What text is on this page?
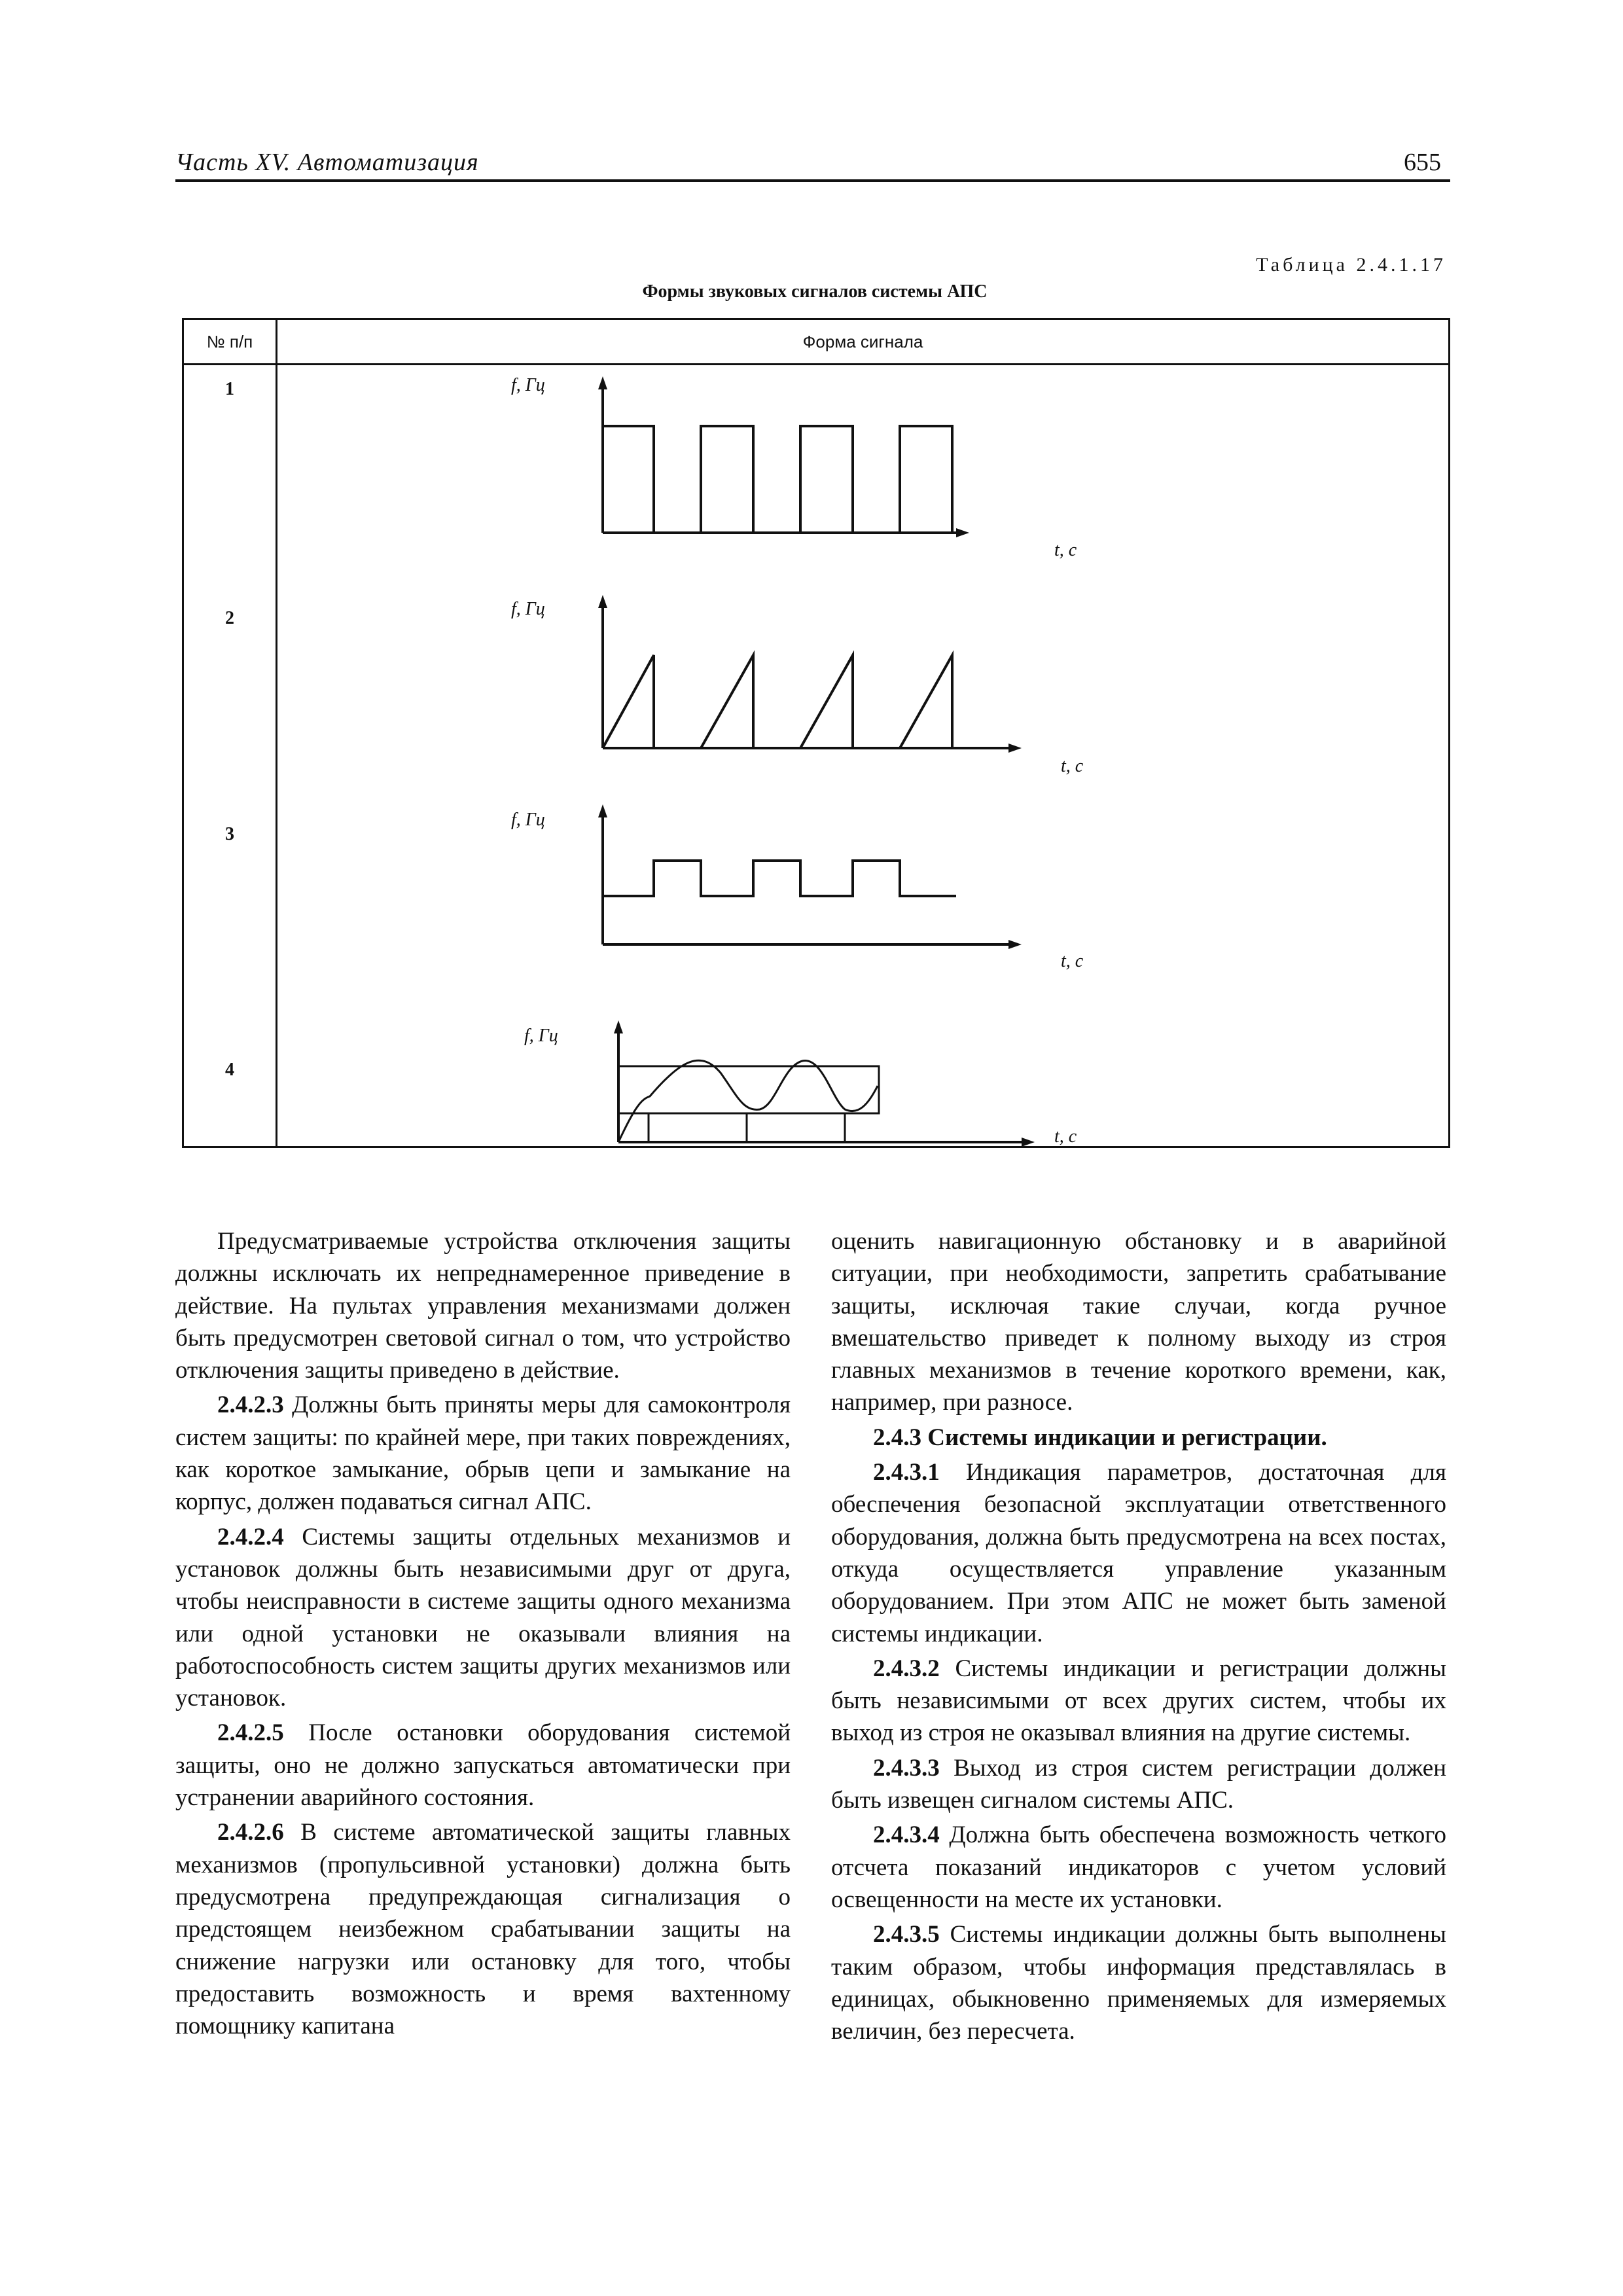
Часть XV. Автоматизация	655
Таблица 2.4.1.17
Формы звуковых сигналов системы АПС
№ п/п	Форма сигнала
1
2
3
4
f, Гц
t, c
f, Гц
t, c
f, Гц
t, c
f, Гц
t, c

Предусматриваемые устройства отключения защиты должны исключать их непреднамеренное приведение в действие. На пультах управления механизмами должен быть предусмотрен световой сигнал о том, что устройство отключения защиты приведено в действие.

2.4.2.3 Должны быть приняты меры для самоконтроля систем защиты: по крайней мере, при таких повреждениях, как короткое замыкание, обрыв цепи и замыкание на корпус, должен подаваться сигнал АПС.

2.4.2.4 Системы защиты отдельных механизмов и установок должны быть независимыми друг от друга, чтобы неисправности в системе защиты одного механизма или одной установки не оказывали влияния на работоспособность систем защиты других механизмов или установок.

2.4.2.5 После остановки оборудования системой защиты, оно не должно запускаться автоматически при устранении аварийного состояния.

2.4.2.6 В системе автоматической защиты главных механизмов (пропульсивной установки) должна быть предусмотрена предупреждающая сигнализация о предстоящем неизбежном срабатывании защиты на снижение нагрузки или остановку для того, чтобы предоставить возможность и время вахтенному помощнику капитана

оценить навигационную обстановку и в аварийной ситуации, при необходимости, запретить срабатывание защиты, исключая такие случаи, когда ручное вмешательство приведет к полному выходу из строя главных механизмов в течение короткого времени, как, например, при разносе.

2.4.3 Системы индикации и регистрации.

2.4.3.1 Индикация параметров, достаточная для обеспечения безопасной эксплуатации ответственного оборудования, должна быть предусмотрена на всех постах, откуда осуществляется управление указанным оборудованием. При этом АПС не может быть заменой системы индикации.

2.4.3.2 Системы индикации и регистрации должны быть независимыми от всех других систем, чтобы их выход из строя не оказывал влияния на другие системы.

2.4.3.3 Выход из строя систем регистрации должен быть извещен сигналом системы АПС.

2.4.3.4 Должна быть обеспечена возможность четкого отсчета показаний индикаторов с учетом условий освещенности на месте их установки.

2.4.3.5 Системы индикации должны быть выполнены таким образом, чтобы информация представлялась в единицах, обыкновенно применяемых для измеряемых величин, без пересчета.
